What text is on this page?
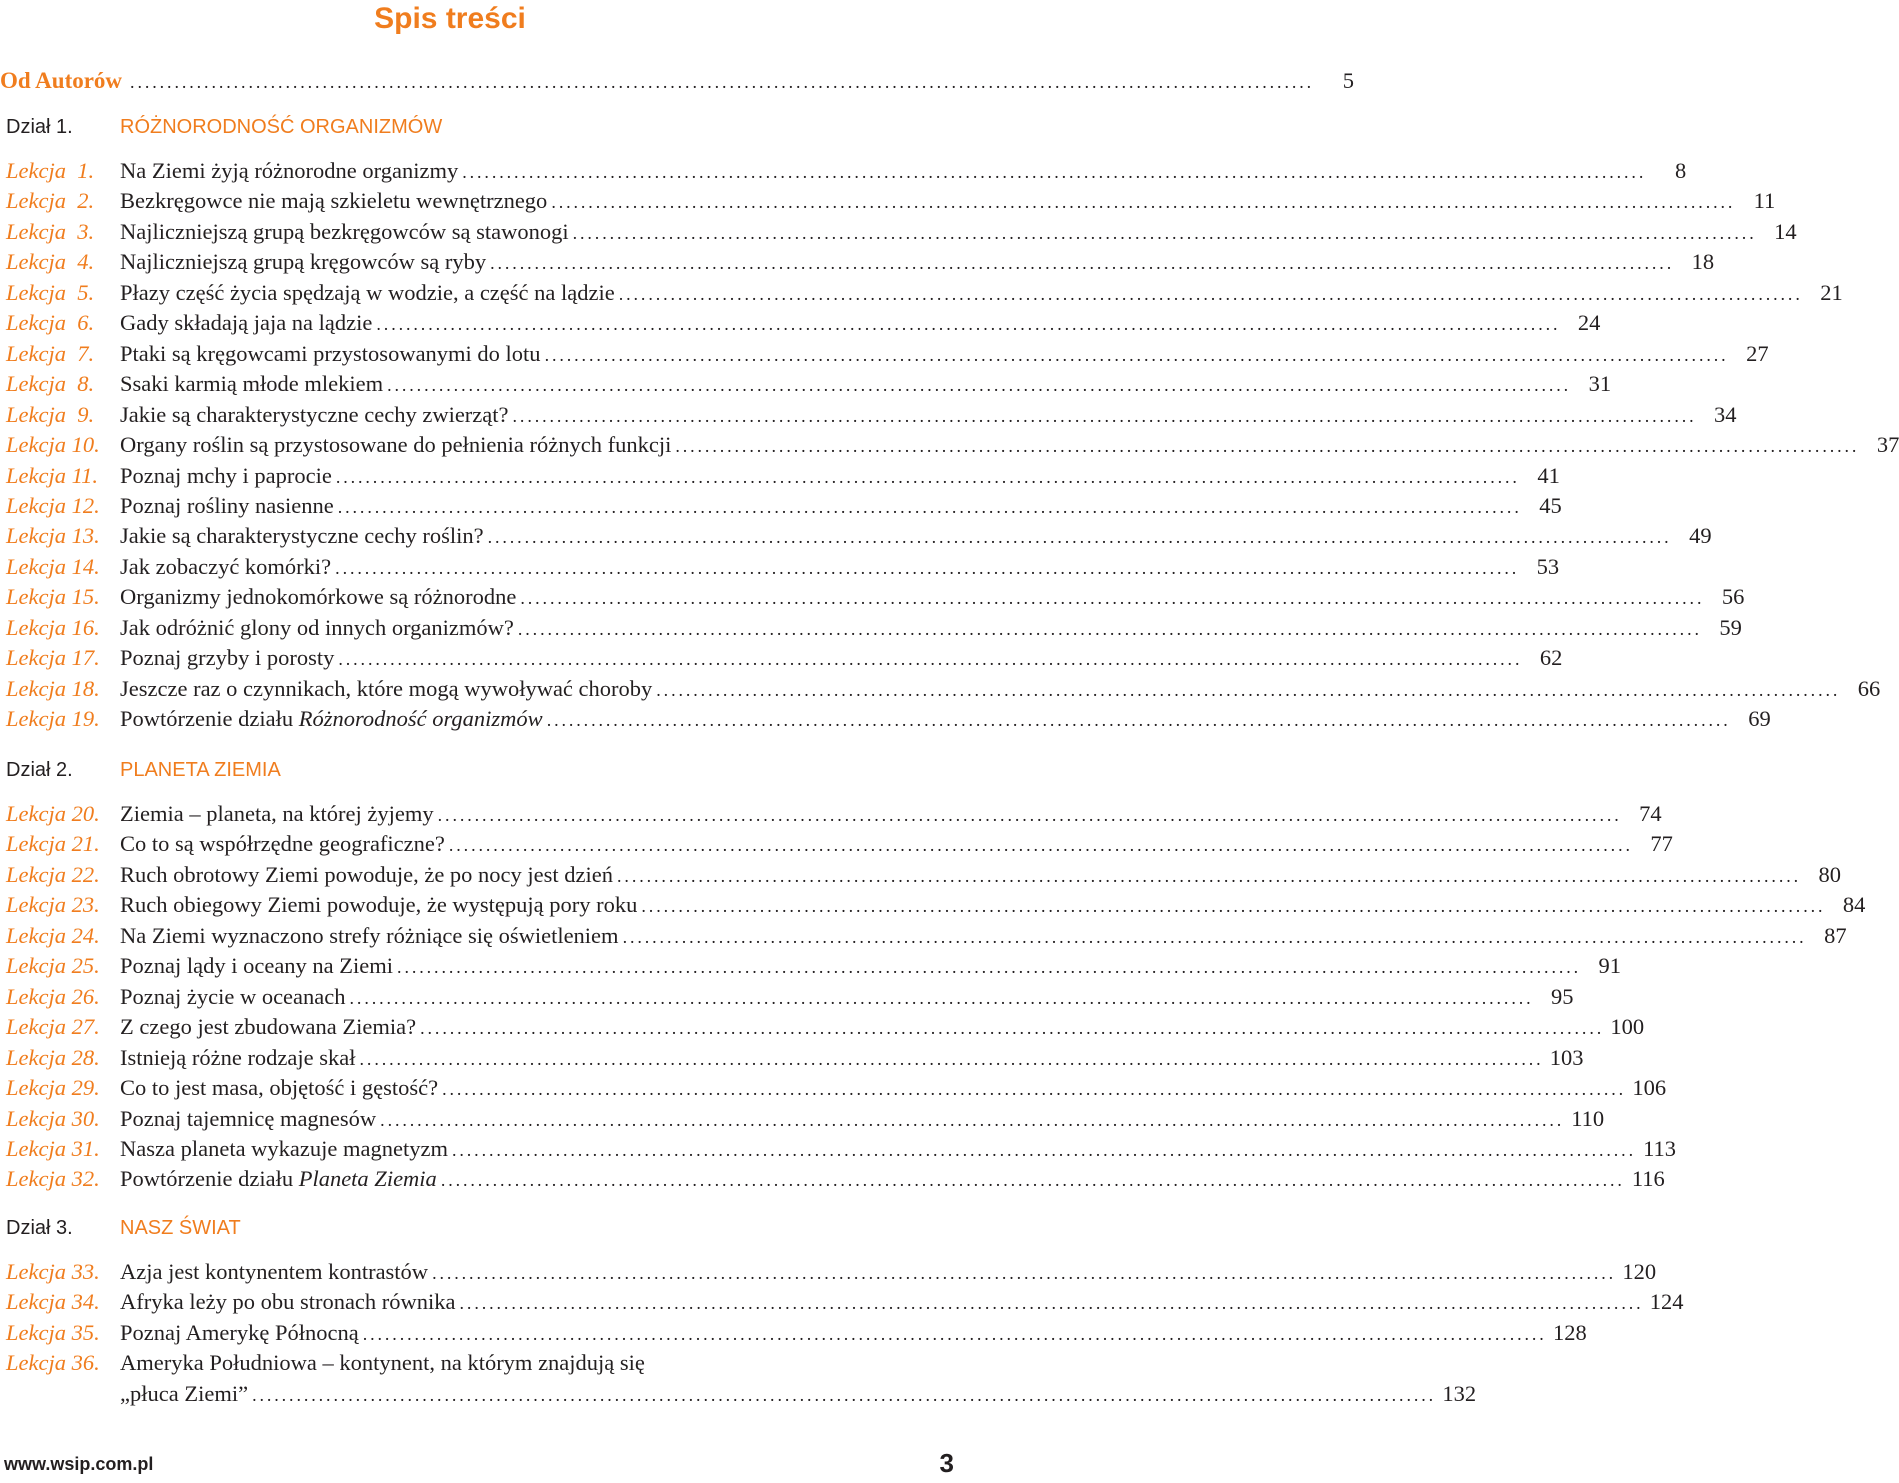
Spis treści
Od Autorów ................................................................................................................................................................	5
Dział 1.	RÓŻNORODNOŚĆ ORGANIZMÓW
Lekcja  1.	Na Ziemi żyją różnorodne organizmy ................................................................................................................................................................	8
Lekcja  2.	Bezkręgowce nie mają szkieletu wewnętrznego ................................................................................................................................................................ 11
Lekcja  3.	Najliczniejszą grupą bezkręgowców są stawonogi ................................................................................................................................................................ 14
Lekcja  4.	Najliczniejszą grupą kręgowców są ryby ................................................................................................................................................................ 18
Lekcja  5.	Płazy część życia spędzają w wodzie, a część na lądzie ................................................................................................................................................................ 21
Lekcja  6.	Gady składają jaja na lądzie ................................................................................................................................................................ 24
Lekcja  7.	Ptaki są kręgowcami przystosowanymi do lotu ................................................................................................................................................................ 27
Lekcja  8.	Ssaki karmią młode mlekiem ................................................................................................................................................................ 31
Lekcja  9.	Jakie są charakterystyczne cechy zwierząt? ................................................................................................................................................................ 34
Lekcja 10. Organy roślin są przystosowane do pełnienia różnych funkcji ................................................................................................................................................................ 37
Lekcja 11. Poznaj mchy i paprocie ................................................................................................................................................................ 41
Lekcja 12. Poznaj rośliny nasienne ................................................................................................................................................................ 45
Lekcja 13. Jakie są charakterystyczne cechy roślin? ................................................................................................................................................................ 49
Lekcja 14. Jak zobaczyć komórki? ................................................................................................................................................................ 53
Lekcja 15. Organizmy jednokomórkowe są różnorodne ................................................................................................................................................................ 56
Lekcja 16. Jak odróżnić glony od innych organizmów? ................................................................................................................................................................ 59
Lekcja 17. Poznaj grzyby i porosty ................................................................................................................................................................ 62
Lekcja 18. Jeszcze raz o czynnikach, które mogą wywoływać choroby ................................................................................................................................................................ 66
Lekcja 19. Powtórzenie działu Różnorodność organizmów ................................................................................................................................................................ 69
Dział 2.	PLANETA ZIEMIA
Lekcja 20. Ziemia – planeta, na której żyjemy ................................................................................................................................................................ 74
Lekcja 21. Co to są współrzędne geograficzne? ................................................................................................................................................................ 77
Lekcja 22. Ruch obrotowy Ziemi powoduje, że po nocy jest dzień ................................................................................................................................................................ 80
Lekcja 23. Ruch obiegowy Ziemi powoduje, że występują pory roku ................................................................................................................................................................ 84
Lekcja 24. Na Ziemi wyznaczono strefy różniące się oświetleniem ................................................................................................................................................................ 87
Lekcja 25. Poznaj lądy i oceany na Ziemi ................................................................................................................................................................ 91
Lekcja 26. Poznaj życie w oceanach ................................................................................................................................................................ 95
Lekcja 27. Z czego jest zbudowana Ziemia? ................................................................................................................................................................ 100
Lekcja 28. Istnieją różne rodzaje skał ................................................................................................................................................................ 103
Lekcja 29. Co to jest masa, objętość i gęstość? ................................................................................................................................................................ 106
Lekcja 30. Poznaj tajemnicę magnesów ................................................................................................................................................................ 110
Lekcja 31. Nasza planeta wykazuje magnetyzm ................................................................................................................................................................ 113
Lekcja 32. Powtórzenie działu Planeta Ziemia ................................................................................................................................................................ 116
Dział 3.	NASZ ŚWIAT
Lekcja 33. Azja jest kontynentem kontrastów ................................................................................................................................................................ 120
Lekcja 34. Afryka leży po obu stronach równika ................................................................................................................................................................ 124
Lekcja 35. Poznaj Amerykę Północną ................................................................................................................................................................ 128
Lekcja 36. Ameryka Południowa – kontynent, na którym znajdują się
„płuca Ziemi” ................................................................................................................................................................ 132
www.wsip.com.pl	3
